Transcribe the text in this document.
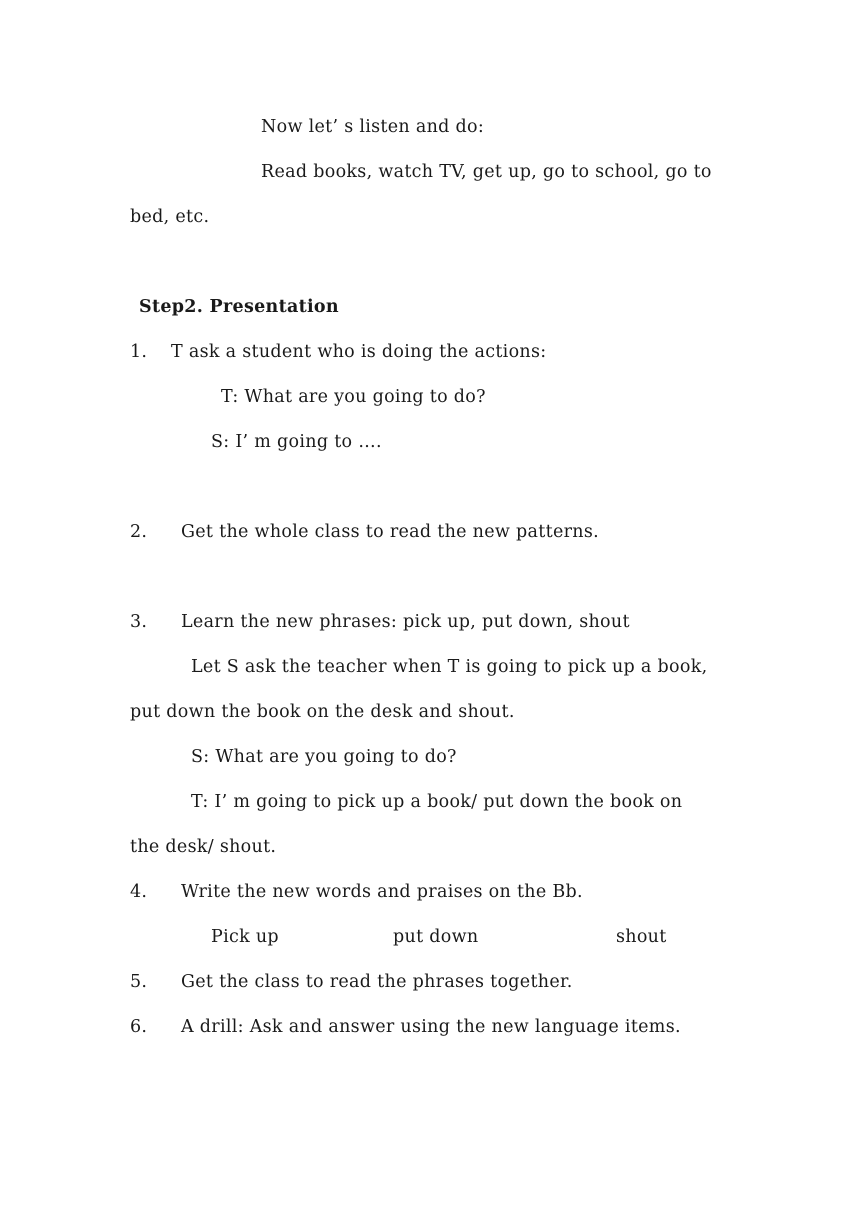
Now let’ s listen and do:
Read books, watch TV, get up, go to school, go to
bed, etc.
Step2. Presentation
1. T ask a student who is doing the actions:
T: What are you going to do?
S: I’ m going to ….
2. Get the whole class to read the new patterns.
3. Learn the new phrases: pick up, put down, shout
Let S ask the teacher when T is going to pick up a book,
put down the book on the desk and shout.
S: What are you going to do?
T: I’ m going to pick up a book/ put down the book on
the desk/ shout.
4. Write the new words and praises on the Bb.
Pick up	put down	shout
5. Get the class to read the phrases together.
6. A drill: Ask and answer using the new language items.
